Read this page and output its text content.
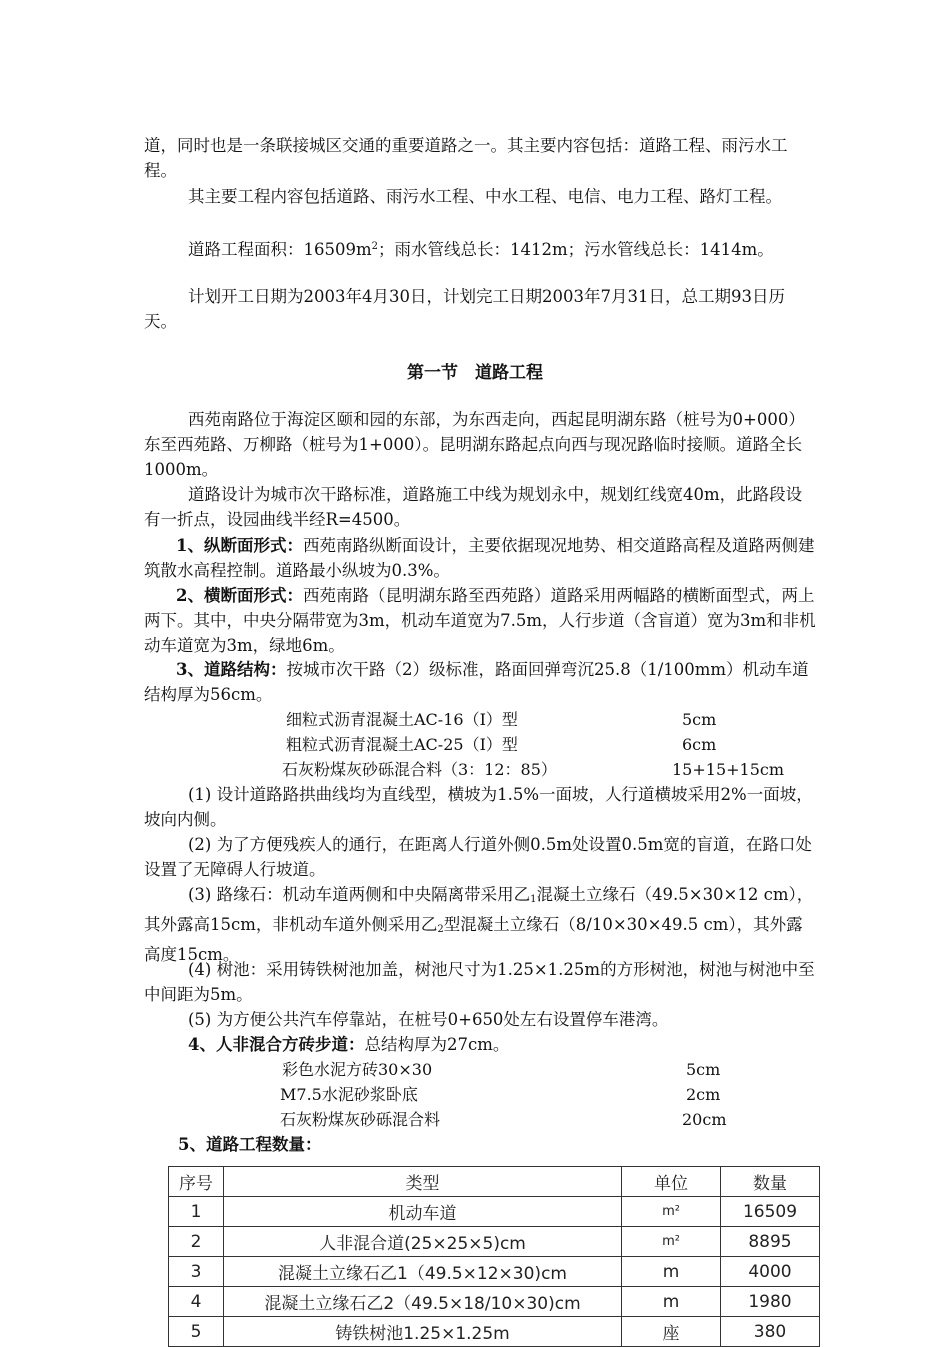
道，同时也是一条联接城区交通的重要道路之一。其主要内容包括：道路工程、雨污水工程。

其主要工程内容包括道路、雨污水工程、中水工程、电信、电力工程、路灯工程。

道路工程面积：$16509m^2$；雨水管线总长：1412m；污水管线总长：1414m。

计划开工日期为2003年4月30日，计划完工日期2003年7月31日，总工期93日历天。

第一节　道路工程

西苑南路位于海淀区颐和园的东部，为东西走向，西起昆明湖东路（桩号为0+000）东至西苑路、万柳路（桩号为1+000）。昆明湖东路起点向西与现况路临时接顺。道路全长1000m。

道路设计为城市次干路标准，道路施工中线为规划永中，规划红线宽40m，此路段设有一折点，设园曲线半经R=4500。

1、纵断面形式：西苑南路纵断面设计，主要依据现况地势、相交道路高程及道路两侧建筑散水高程控制。道路最小纵坡为0.3%。

2、横断面形式：西苑南路（昆明湖东路至西苑路）道路采用两幅路的横断面型式，两上两下。其中，中央分隔带宽为3m，机动车道宽为7.5m，人行步道（含盲道）宽为3m和非机动车道宽为3m，绿地6m。

3、道路结构：按城市次干路（2）级标准，路面回弹弯沉25.8（1/100mm）机动车道结构厚为56cm。

细粒式沥青混凝土AC-16（Ⅰ）型	5cm
粗粒式沥青混凝土AC-25（Ⅰ）型	6cm
石灰粉煤灰砂砾混合料（3：12：85）	15+15+15cm

(1) 设计道路路拱曲线均为直线型，横坡为1.5%一面坡，人行道横坡采用2%一面坡，坡向内侧。

(2) 为了方便残疾人的通行，在距离人行道外侧0.5m处设置0.5m宽的盲道，在路口处设置了无障碍人行坡道。

(3) 路缘石：机动车道两侧和中央隔离带采用乙$_1$混凝土立缘石（49.5×30×12 cm），其外露高15cm，非机动车道外侧采用乙$_2$型混凝土立缘石（8/10×30×49.5 cm），其外露高度15cm。

(4) 树池：采用铸铁树池加盖，树池尺寸为1.25×1.25m的方形树池，树池与树池中至中间距为5m。

(5) 为方便公共汽车停靠站，在桩号0+650处左右设置停车港湾。

4、人非混合方砖步道：总结构厚为27cm。

彩色水泥方砖30×30	5cm
M7.5水泥砂浆卧底	2cm
石灰粉煤灰砂砾混合料	20cm

5、道路工程数量：

序号	类型	单位	数量
1	机动车道	m²	16509
2	人非混合道(25×25×5)cm	m²	8895
3	混凝土立缘石乙1（49.5×12×30)cm	m	4000
4	混凝土立缘石乙2（49.5×18/10×30)cm	m	1980
5	铸铁树池1.25×1.25m	座	380
